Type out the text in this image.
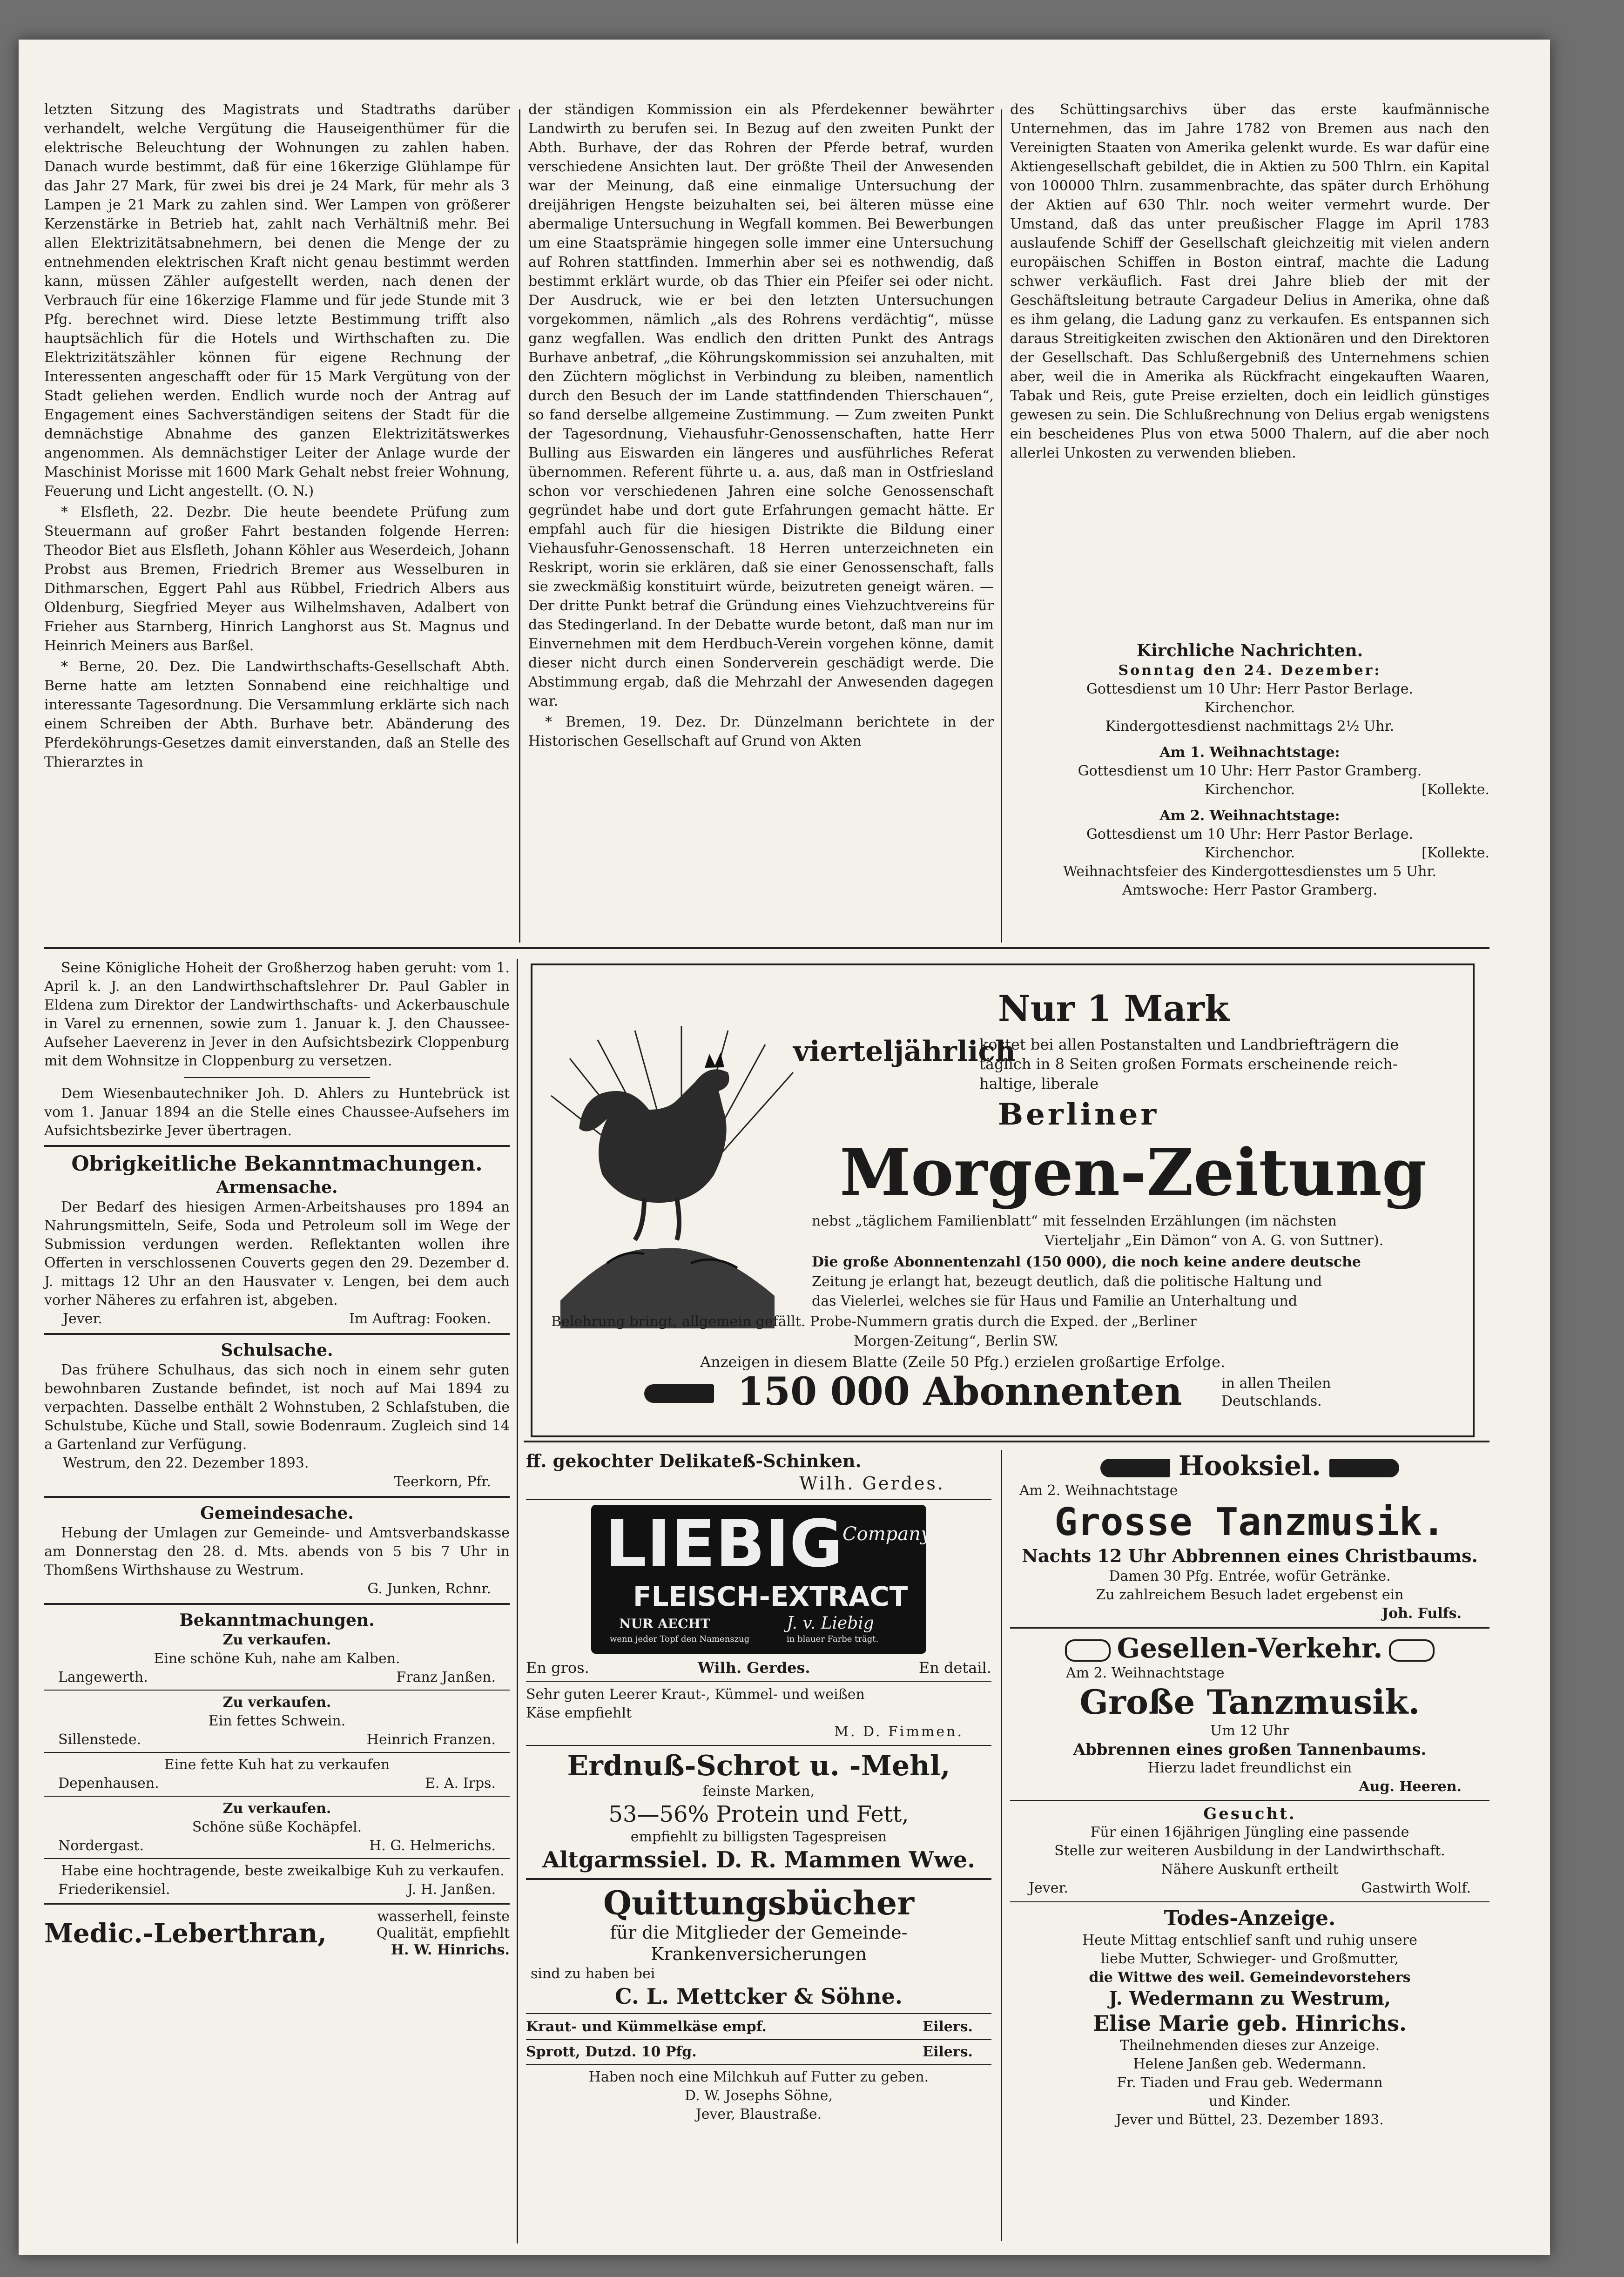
letzten Sitzung des Magistrats und Stadtraths darüber verhandelt, welche Vergütung die Hauseigenthümer für die elektrische Beleuchtung der Wohnungen zu zahlen haben. Danach wurde bestimmt, daß für eine 16kerzige Glühlampe für das Jahr 27 Mark, für zwei bis drei je 24 Mark, für mehr als 3 Lampen je 21 Mark zu zahlen sind. Wer Lampen von größerer Kerzenstärke in Betrieb hat, zahlt nach Verhältniß mehr. Bei allen Elektrizitätsabnehmern, bei denen die Menge der zu entnehmenden elektrischen Kraft nicht genau bestimmt werden kann, müssen Zähler aufgestellt werden, nach denen der Verbrauch für eine 16kerzige Flamme und für jede Stunde mit 3 Pfg. berechnet wird. Diese letzte Bestimmung trifft also hauptsächlich für die Hotels und Wirthschaften zu. Die Elektrizitätszähler können für eigene Rechnung der Interessenten angeschafft oder für 15 Mark Vergütung von der Stadt geliehen werden. Endlich wurde noch der Antrag auf Engagement eines Sachverständigen seitens der Stadt für die demnächstige Abnahme des ganzen Elektrizitätswerkes angenommen. Als demnächstiger Leiter der Anlage wurde der Maschinist Morisse mit 1600 Mark Gehalt nebst freier Wohnung, Feuerung und Licht angestellt. (O. N.)

* Elsfleth, 22. Dezbr. Die heute beendete Prüfung zum Steuermann auf großer Fahrt bestanden folgende Herren: Theodor Biet aus Elsfleth, Johann Köhler aus Weserdeich, Johann Probst aus Bremen, Friedrich Bremer aus Wesselburen in Dithmarschen, Eggert Pahl aus Rübbel, Friedrich Albers aus Oldenburg, Siegfried Meyer aus Wilhelmshaven, Adalbert von Frieher aus Starnberg, Hinrich Langhorst aus St. Magnus und Heinrich Meiners aus Barßel.

* Berne, 20. Dez. Die Landwirthschafts-Gesellschaft Abth. Berne hatte am letzten Sonnabend eine reichhaltige und interessante Tagesordnung. Die Versammlung erklärte sich nach einem Schreiben der Abth. Burhave betr. Abänderung des Pferdeköhrungs-Gesetzes damit einverstanden, daß an Stelle des Thierarztes in

der ständigen Kommission ein als Pferdekenner bewährter Landwirth zu berufen sei. In Bezug auf den zweiten Punkt der Abth. Burhave, der das Rohren der Pferde betraf, wurden verschiedene Ansichten laut. Der größte Theil der Anwesenden war der Meinung, daß eine einmalige Untersuchung der dreijährigen Hengste beizuhalten sei, bei älteren müsse eine abermalige Untersuchung in Wegfall kommen. Bei Bewerbungen um eine Staatsprämie hingegen solle immer eine Untersuchung auf Rohren stattfinden. Immerhin aber sei es nothwendig, daß bestimmt erklärt wurde, ob das Thier ein Pfeifer sei oder nicht. Der Ausdruck, wie er bei den letzten Untersuchungen vorgekommen, nämlich „als des Rohrens verdächtig“, müsse ganz wegfallen. Was endlich den dritten Punkt des Antrags Burhave anbetraf, „die Köhrungskommission sei anzuhalten, mit den Züchtern möglichst in Verbindung zu bleiben, namentlich durch den Besuch der im Lande stattfindenden Thierschauen“, so fand derselbe allgemeine Zustimmung. — Zum zweiten Punkt der Tagesordnung, Viehausfuhr-Genossenschaften, hatte Herr Bulling aus Eiswarden ein längeres und ausführliches Referat übernommen. Referent führte u. a. aus, daß man in Ostfriesland schon vor verschiedenen Jahren eine solche Genossenschaft gegründet habe und dort gute Erfahrungen gemacht hätte. Er empfahl auch für die hiesigen Distrikte die Bildung einer Viehausfuhr-Genossenschaft. 18 Herren unterzeichneten ein Reskript, worin sie erklären, daß sie einer Genossenschaft, falls sie zweckmäßig konstituirt würde, beizutreten geneigt wären. — Der dritte Punkt betraf die Gründung eines Viehzuchtvereins für das Stedingerland. In der Debatte wurde betont, daß man nur im Einvernehmen mit dem Herdbuch-Verein vorgehen könne, damit dieser nicht durch einen Sonderverein geschädigt werde. Die Abstimmung ergab, daß die Mehrzahl der Anwesenden dagegen war.

* Bremen, 19. Dez. Dr. Dünzelmann berichtete in der Historischen Gesellschaft auf Grund von Akten

des Schüttingsarchivs über das erste kaufmännische Unternehmen, das im Jahre 1782 von Bremen aus nach den Vereinigten Staaten von Amerika gelenkt wurde. Es war dafür eine Aktiengesellschaft gebildet, die in Aktien zu 500 Thlrn. ein Kapital von 100000 Thlrn. zusammenbrachte, das später durch Erhöhung der Aktien auf 630 Thlr. noch weiter vermehrt wurde. Der Umstand, daß das unter preußischer Flagge im April 1783 auslaufende Schiff der Gesellschaft gleichzeitig mit vielen andern europäischen Schiffen in Boston eintraf, machte die Ladung schwer verkäuflich. Fast drei Jahre blieb der mit der Geschäftsleitung betraute Cargadeur Delius in Amerika, ohne daß es ihm gelang, die Ladung ganz zu verkaufen. Es entspannen sich daraus Streitigkeiten zwischen den Aktionären und den Direktoren der Gesellschaft. Das Schlußergebniß des Unternehmens schien aber, weil die in Amerika als Rückfracht eingekauften Waaren, Tabak und Reis, gute Preise erzielten, doch ein leidlich günstiges gewesen zu sein. Die Schlußrechnung von Delius ergab wenigstens ein bescheidenes Plus von etwa 5000 Thalern, auf die aber noch allerlei Unkosten zu verwenden blieben.

Kirchliche Nachrichten.
Sonntag den 24. Dezember:
Gottesdienst um 10 Uhr: Herr Pastor Berlage.
Kirchenchor.
Kindergottesdienst nachmittags 2½ Uhr.
Am 1. Weihnachtstage:
Gottesdienst um 10 Uhr: Herr Pastor Gramberg.
Kirchenchor.	[Kollekte.
Am 2. Weihnachtstage:
Gottesdienst um 10 Uhr: Herr Pastor Berlage.
Kirchenchor.	[Kollekte.
Weihnachtsfeier des Kindergottesdienstes um 5 Uhr.
Amtswoche: Herr Pastor Gramberg.

Seine Königliche Hoheit der Großherzog haben geruht: vom 1. April k. J. an den Landwirthschaftslehrer Dr. Paul Gabler in Eldena zum Direktor der Landwirthschafts- und Ackerbauschule in Varel zu ernennen, sowie zum 1. Januar k. J. den Chaussee-Aufseher Laeverenz in Jever in den Aufsichtsbezirk Cloppenburg mit dem Wohnsitze in Cloppenburg zu versetzen.

Dem Wiesenbautechniker Joh. D. Ahlers zu Huntebrück ist vom 1. Januar 1894 an die Stelle eines Chaussee-Aufsehers im Aufsichtsbezirke Jever übertragen.

Obrigkeitliche Bekanntmachungen.
Armensache.

Der Bedarf des hiesigen Armen-Arbeitshauses pro 1894 an Nahrungsmitteln, Seife, Soda und Petroleum soll im Wege der Submission verdungen werden. Reflektanten wollen ihre Offerten in verschlossenen Couverts gegen den 29. Dezember d. J. mittags 12 Uhr an den Hausvater v. Lengen, bei dem auch vorher Näheres zu erfahren ist, abgeben.

Jever.	Im Auftrag: Fooken.
Schulsache.

Das frühere Schulhaus, das sich noch in einem sehr guten bewohnbaren Zustande befindet, ist noch auf Mai 1894 zu verpachten. Dasselbe enthält 2 Wohnstuben, 2 Schlafstuben, die Schulstube, Küche und Stall, sowie Bodenraum. Zugleich sind 14 a Gartenland zur Verfügung.

Westrum, den 22. Dezember 1893.
Teerkorn, Pfr.
Gemeindesache.

Hebung der Umlagen zur Gemeinde- und Amtsverbandskasse am Donnerstag den 28. d. Mts. abends von 5 bis 7 Uhr in Thomßens Wirthshause zu Westrum.

G. Junken, Rchnr.
Bekanntmachungen.
Zu verkaufen.
Eine schöne Kuh, nahe am Kalben.
Langewerth.	Franz Janßen.
Zu verkaufen.
Ein fettes Schwein.
Sillenstede.	Heinrich Franzen.
Eine fette Kuh hat zu verkaufen
Depenhausen.	E. A. Irps.
Zu verkaufen.
Schöne süße Kochäpfel.
Nordergast.	H. G. Helmerichs.

Habe eine hochtragende, beste zweikalbige Kuh zu verkaufen.

Friederikensiel.	J. H. Janßen.
Medic.-Leberthran,
wasserhell, feinste
Qualität, empfiehlt
H. W. Hinrichs.
Nur 1 Mark
vierteljährlich
kostet bei allen Postanstalten und Landbriefträgern die
täglich in 8 Seiten großen Formats erscheinende reich-
haltige, liberale
Berliner
Morgen-Zeitung
nebst „täglichem Familienblatt“ mit fesselnden Erzählungen (im nächsten
Vierteljahr „Ein Dämon“ von A. G. von Suttner).
Die große Abonnentenzahl (150 000), die noch keine andere deutsche
Zeitung je erlangt hat, bezeugt deutlich, daß die politische Haltung und
das Vielerlei, welches sie für Haus und Familie an Unterhaltung und
Belehrung bringt, allgemein gefällt. Probe-Nummern gratis durch die Exped. der „Berliner
Morgen-Zeitung“, Berlin SW.
Anzeigen in diesem Blatte (Zeile 50 Pfg.) erzielen großartige Erfolge.
150 000 Abonnenten	in allen Theilen
Deutschlands.
ff. gekochter Delikateß-Schinken.
Wilh. Gerdes.
LIEBIG Company's
FLEISCH-EXTRACT
NUR AECHT	J. v. Liebig
wenn jeder Topf den Namenszug	in blauer Farbe trägt.
En gros.	Wilh. Gerdes.	En detail.
Sehr guten Leerer Kraut-, Kümmel- und weißen
Käse empfiehlt
M. D. Fimmen.
Erdnuß-Schrot u. -Mehl,
feinste Marken,
53—56% Protein und Fett,
empfiehlt zu billigsten Tagespreisen
Altgarmssiel. D. R. Mammen Wwe.
Quittungsbücher
für die Mitglieder der Gemeinde-
Krankenversicherungen
sind zu haben bei
C. L. Mettcker & Söhne.
Kraut- und Kümmelkäse empf.	Eilers.
Sprott, Dutzd. 10 Pfg.	Eilers.
Haben noch eine Milchkuh auf Futter zu geben.
D. W. Josephs Söhne,
Jever, Blaustraße.
Hooksiel.
Am 2. Weihnachtstage
Grosse Tanzmusik.
Nachts 12 Uhr Abbrennen eines Christbaums.
Damen 30 Pfg. Entrée, wofür Getränke.
Zu zahlreichem Besuch ladet ergebenst ein
Joh. Fulfs.
Gesellen-Verkehr.
Am 2. Weihnachtstage
Große Tanzmusik.
Um 12 Uhr
Abbrennen eines großen Tannenbaums.
Hierzu ladet freundlichst ein
Aug. Heeren.
Gesucht.
Für einen 16jährigen Jüngling eine passende
Stelle zur weiteren Ausbildung in der Landwirthschaft.
Nähere Auskunft ertheilt
Jever.	Gastwirth Wolf.
Todes-Anzeige.
Heute Mittag entschlief sanft und ruhig unsere
liebe Mutter, Schwieger- und Großmutter,
die Wittwe des weil. Gemeindevorstehers
J. Wedermann zu Westrum,
Elise Marie geb. Hinrichs.
Theilnehmenden dieses zur Anzeige.
Helene Janßen geb. Wedermann.
Fr. Tiaden und Frau geb. Wedermann
und Kinder.
Jever und Büttel, 23. Dezember 1893.
